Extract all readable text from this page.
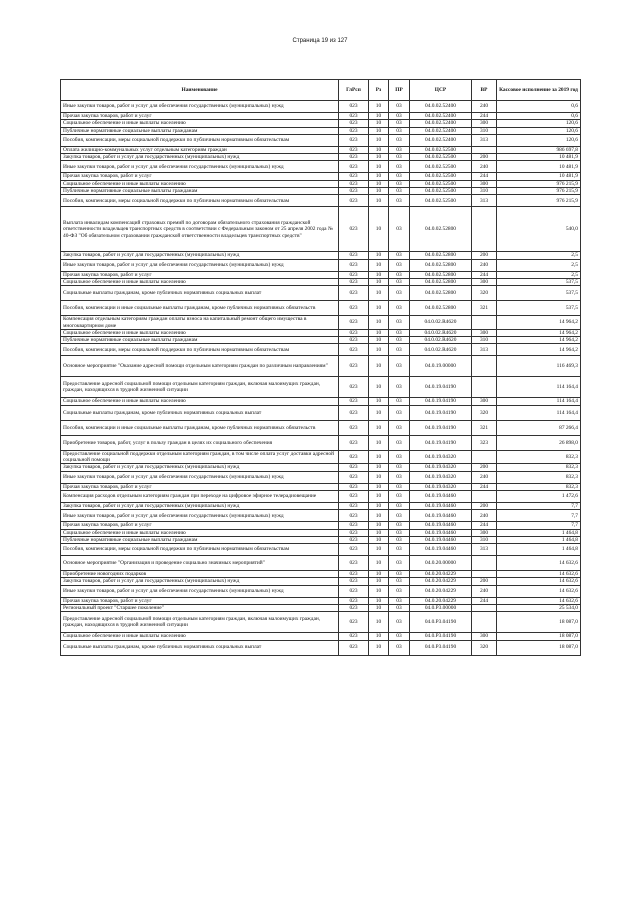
Страница 19 из 127
Наименование	ГлРсп	Рз	ПР	ЦСР	ВР	Кассовое исполнение за 2019 год
Иные закупки товаров, работ и услуг для обеспечения государственных (муниципальных) нужд	023	10	03	04.0.02.52400	240	0,6
Прочая закупка товаров, работ и услуг	023	10	03	04.0.02.52400	244	0,6
Социальное обеспечение и иные выплаты населению	023	10	03	04.0.02.52400	300	120,6
Публичные нормативные социальные выплаты гражданам	023	10	03	04.0.02.52400	310	120,6
Пособия, компенсации, меры социальной поддержки по публичным нормативным обязательствам	023	10	03	04.0.02.52400	313	120,6
Оплата жилищно-коммунальных услуг отдельным категориям граждан	023	10	03	04.0.02.52500		986 697,8
Закупка товаров, работ и услуг для государственных (муниципальных) нужд	023	10	03	04.0.02.52500	200	10 481,9
Иные закупки товаров, работ и услуг для обеспечения государственных (муниципальных) нужд	023	10	03	04.0.02.52500	240	10 481,9
Прочая закупка товаров, работ и услуг	023	10	03	04.0.02.52500	244	10 481,9
Социальное обеспечение и иные выплаты населению	023	10	03	04.0.02.52500	300	976 215,9
Публичные нормативные социальные выплаты гражданам	023	10	03	04.0.02.52500	310	976 215,9
Пособия, компенсации, меры социальной поддержки по публичным нормативным обязательствам	023	10	03	04.0.02.52500	313	976 215,9
Выплата инвалидам компенсаций страховых премий по договорам обязательного страхования гражданской ответственности владельцев транспортных средств в соответствии с Федеральным законом от 25 апреля 2002 года № 40-ФЗ "Об обязательном страховании гражданской ответственности владельцев транспортных средств"	023	10	03	04.0.02.52800		540,0
Закупка товаров, работ и услуг для государственных (муниципальных) нужд	023	10	03	04.0.02.52800	200	2,5
Иные закупки товаров, работ и услуг для обеспечения государственных (муниципальных) нужд	023	10	03	04.0.02.52800	240	2,5
Прочая закупка товаров, работ и услуг	023	10	03	04.0.02.52800	244	2,5
Социальное обеспечение и иные выплаты населению	023	10	03	04.0.02.52800	300	537,5
Социальные выплаты гражданам, кроме публичных нормативных социальных выплат	023	10	03	04.0.02.52800	320	537,5
Пособия, компенсации и иные социальные выплаты гражданам, кроме публичных нормативных обязательств	023	10	03	04.0.02.52800	321	537,5
Компенсация отдельным категориям граждан оплаты взноса на капитальный ремонт общего имущества в многоквартирном доме	023	10	03	04.0.02.R4620		14 964,2
Социальное обеспечение и иные выплаты населению	023	10	03	04.0.02.R4620	300	14 964,2
Публичные нормативные социальные выплаты гражданам	023	10	03	04.0.02.R4620	310	14 964,2
Пособия, компенсации, меры социальной поддержки по публичным нормативным обязательствам	023	10	03	04.0.02.R4620	313	14 964,2
Основное мероприятие "Оказание адресной помощи отдельным категориям граждан по различным направлениям"	023	10	03	04.0.19.00000		116 469,3
Предоставление адресной социальной помощи отдельным категориям граждан, включая малоимущих граждан, граждан, находящихся в трудной жизненной ситуации	023	10	03	04.0.19.04190		114 164,4
Социальное обеспечение и иные выплаты населению	023	10	03	04.0.19.04190	300	114 164,4
Социальные выплаты гражданам, кроме публичных нормативных социальных выплат	023	10	03	04.0.19.04190	320	114 164,4
Пособия, компенсации и иные социальные выплаты гражданам, кроме публичных нормативных обязательств	023	10	03	04.0.19.04190	321	87 266,4
Приобретение товаров, работ, услуг в пользу граждан в целях их социального обеспечения	023	10	03	04.0.19.04190	323	26 898,0
Предоставление социальной поддержки отдельным категориям граждан, в том числе оплата услуг доставки адресной социальной помощи	023	10	03	04.0.19.04320		832,3
Закупка товаров, работ и услуг для государственных (муниципальных) нужд	023	10	03	04.0.19.04320	200	832,3
Иные закупки товаров, работ и услуг для обеспечения государственных (муниципальных) нужд	023	10	03	04.0.19.04320	240	832,3
Прочая закупка товаров, работ и услуг	023	10	03	04.0.19.04320	244	832,3
Компенсация расходов отдельным категориям граждан при переходе на цифровое эфирное телерадиовещание	023	10	03	04.0.19.04460		1 472,6
Закупка товаров, работ и услуг для государственных (муниципальных) нужд	023	10	03	04.0.19.04460	200	7,7
Иные закупки товаров, работ и услуг для обеспечения государственных (муниципальных) нужд	023	10	03	04.0.19.04460	240	7,7
Прочая закупка товаров, работ и услуг	023	10	03	04.0.19.04460	244	7,7
Социальное обеспечение и иные выплаты населению	023	10	03	04.0.19.04460	300	1 464,8
Публичные нормативные социальные выплаты гражданам	023	10	03	04.0.19.04460	310	1 464,8
Пособия, компенсации, меры социальной поддержки по публичным нормативным обязательствам	023	10	03	04.0.19.04460	313	1 464,8
Основное мероприятие "Организация и проведение социально значимых мероприятий"	023	10	03	04.0.20.00000		14 632,6
Приобретение новогодних подарков	023	10	03	04.0.20.04229		14 632,6
Закупка товаров, работ и услуг для государственных (муниципальных) нужд	023	10	03	04.0.20.04229	200	14 632,6
Иные закупки товаров, работ и услуг для обеспечения государственных (муниципальных) нужд	023	10	03	04.0.20.04229	240	14 632,6
Прочая закупка товаров, работ и услуг	023	10	03	04.0.20.04229	244	14 632,6
Региональный проект "Старшее поколение"	023	10	03	04.0.P3.00000		25 534,0
Предоставление адресной социальной помощи отдельным категориям граждан, включая малоимущих граждан, граждан, находящихся в трудной жизненной ситуации	023	10	03	04.0.P3.04190		18 087,0
Социальное обеспечение и иные выплаты населению	023	10	03	04.0.P3.04190	300	18 087,0
Социальные выплаты гражданам, кроме публичных нормативных социальных выплат	023	10	03	04.0.P3.04190	320	18 087,0
